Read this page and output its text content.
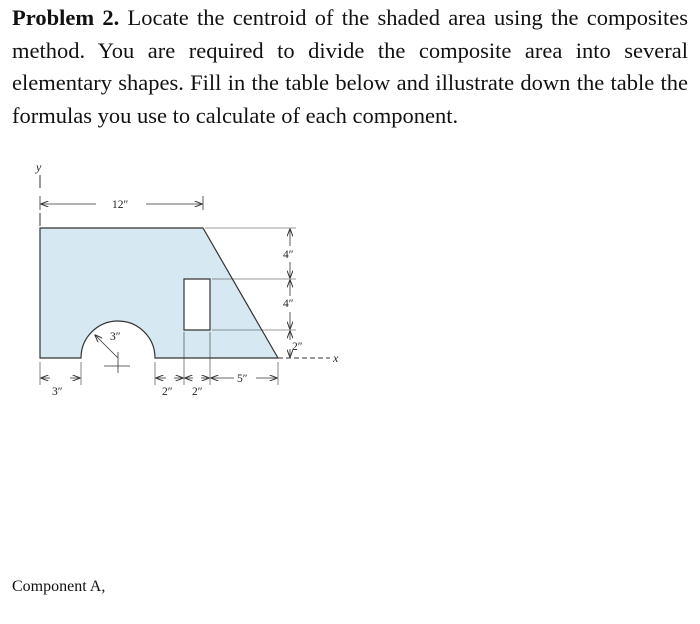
Problem 2. Locate the centroid of the shaded area using the composites method. You are required to divide the composite area into several elementary shapes. Fill in the table below and illustrate down the table the formulas you use to calculate of each component.

y
x
12″
4″
4″
2″
3″
3″	2″ 2″
5″
Component A,
